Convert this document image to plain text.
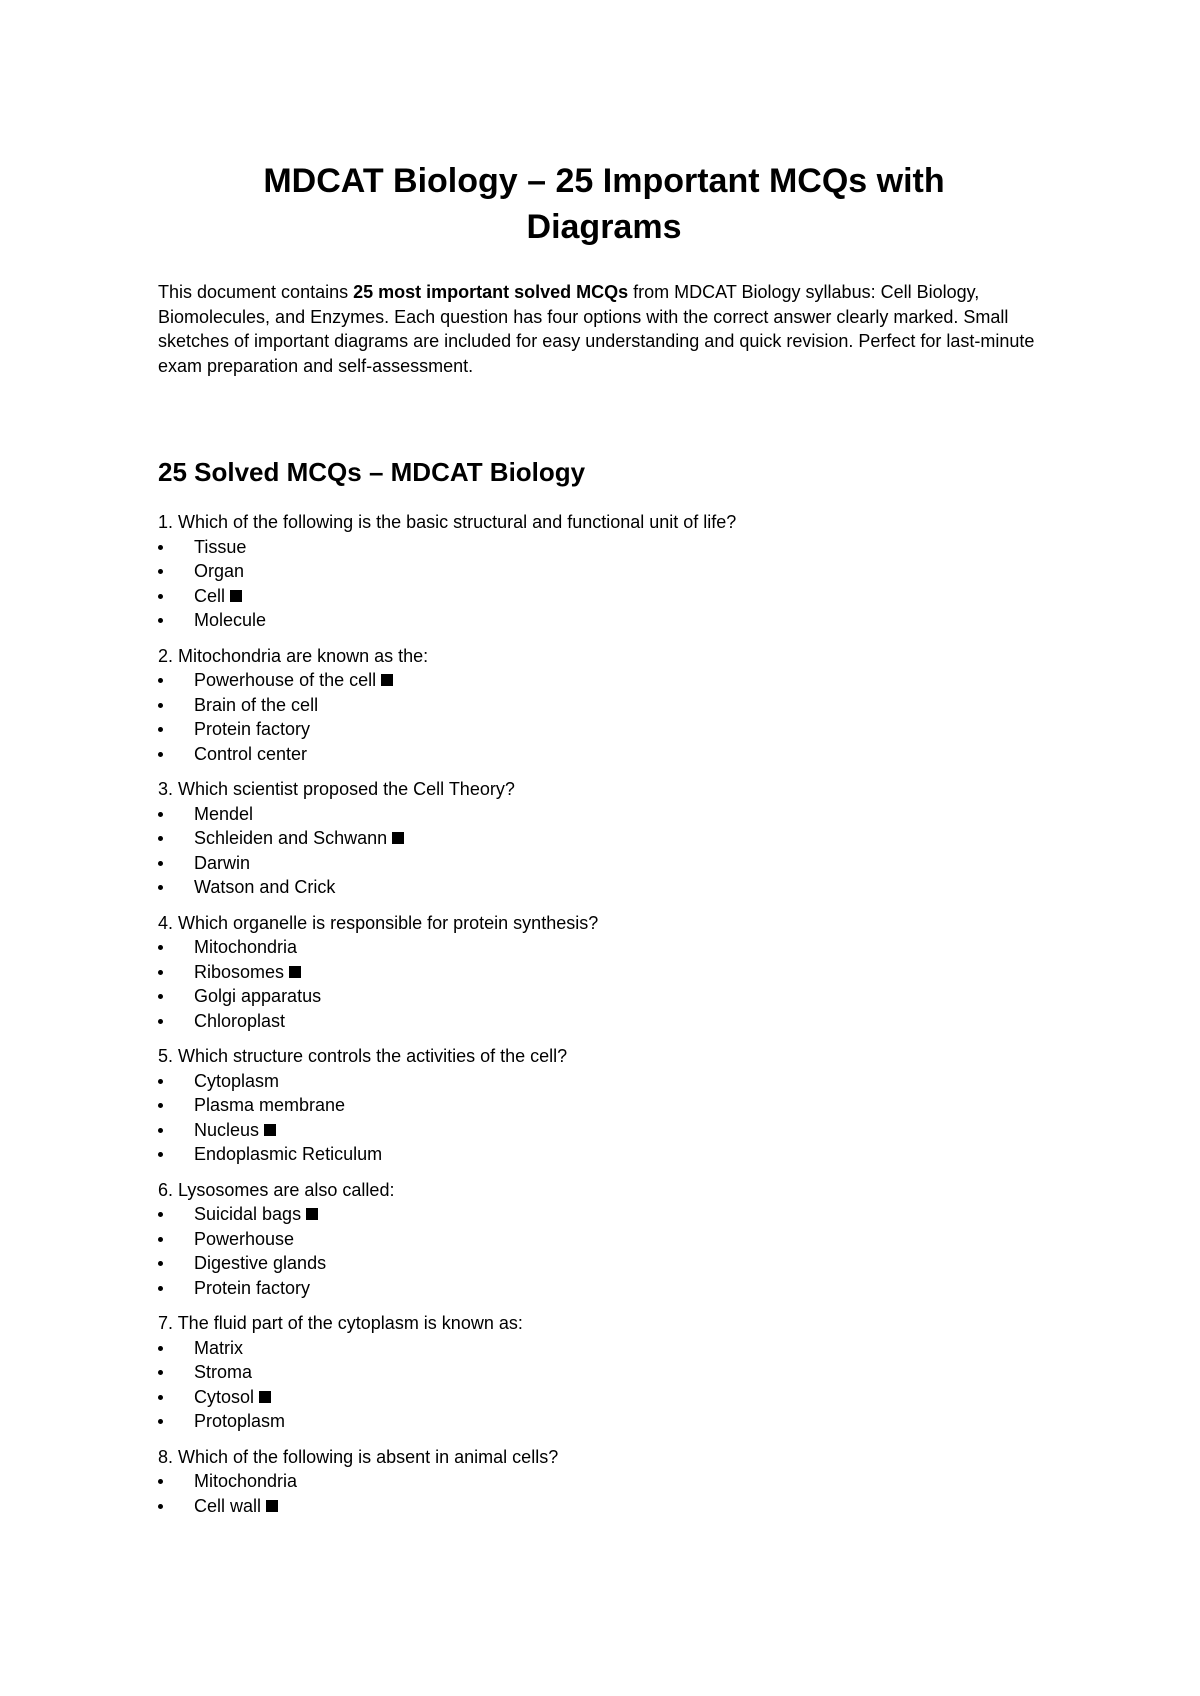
MDCAT Biology – 25 Important MCQs with
Diagrams

This document contains 25 most important solved MCQs from MDCAT Biology syllabus: Cell Biology, Biomolecules, and Enzymes. Each question has four options with the correct answer clearly marked. Small sketches of important diagrams are included for easy understanding and quick revision. Perfect for last-minute exam preparation and self-assessment.

25 Solved MCQs – MDCAT Biology
1. Which of the following is the basic structural and functional unit of life?
Tissue
Organ
Cell
Molecule
2. Mitochondria are known as the:
Powerhouse of the cell
Brain of the cell
Protein factory
Control center
3. Which scientist proposed the Cell Theory?
Mendel
Schleiden and Schwann
Darwin
Watson and Crick
4. Which organelle is responsible for protein synthesis?
Mitochondria
Ribosomes
Golgi apparatus
Chloroplast
5. Which structure controls the activities of the cell?
Cytoplasm
Plasma membrane
Nucleus
Endoplasmic Reticulum
6. Lysosomes are also called:
Suicidal bags
Powerhouse
Digestive glands
Protein factory
7. The fluid part of the cytoplasm is known as:
Matrix
Stroma
Cytosol
Protoplasm
8. Which of the following is absent in animal cells?
Mitochondria
Cell wall
